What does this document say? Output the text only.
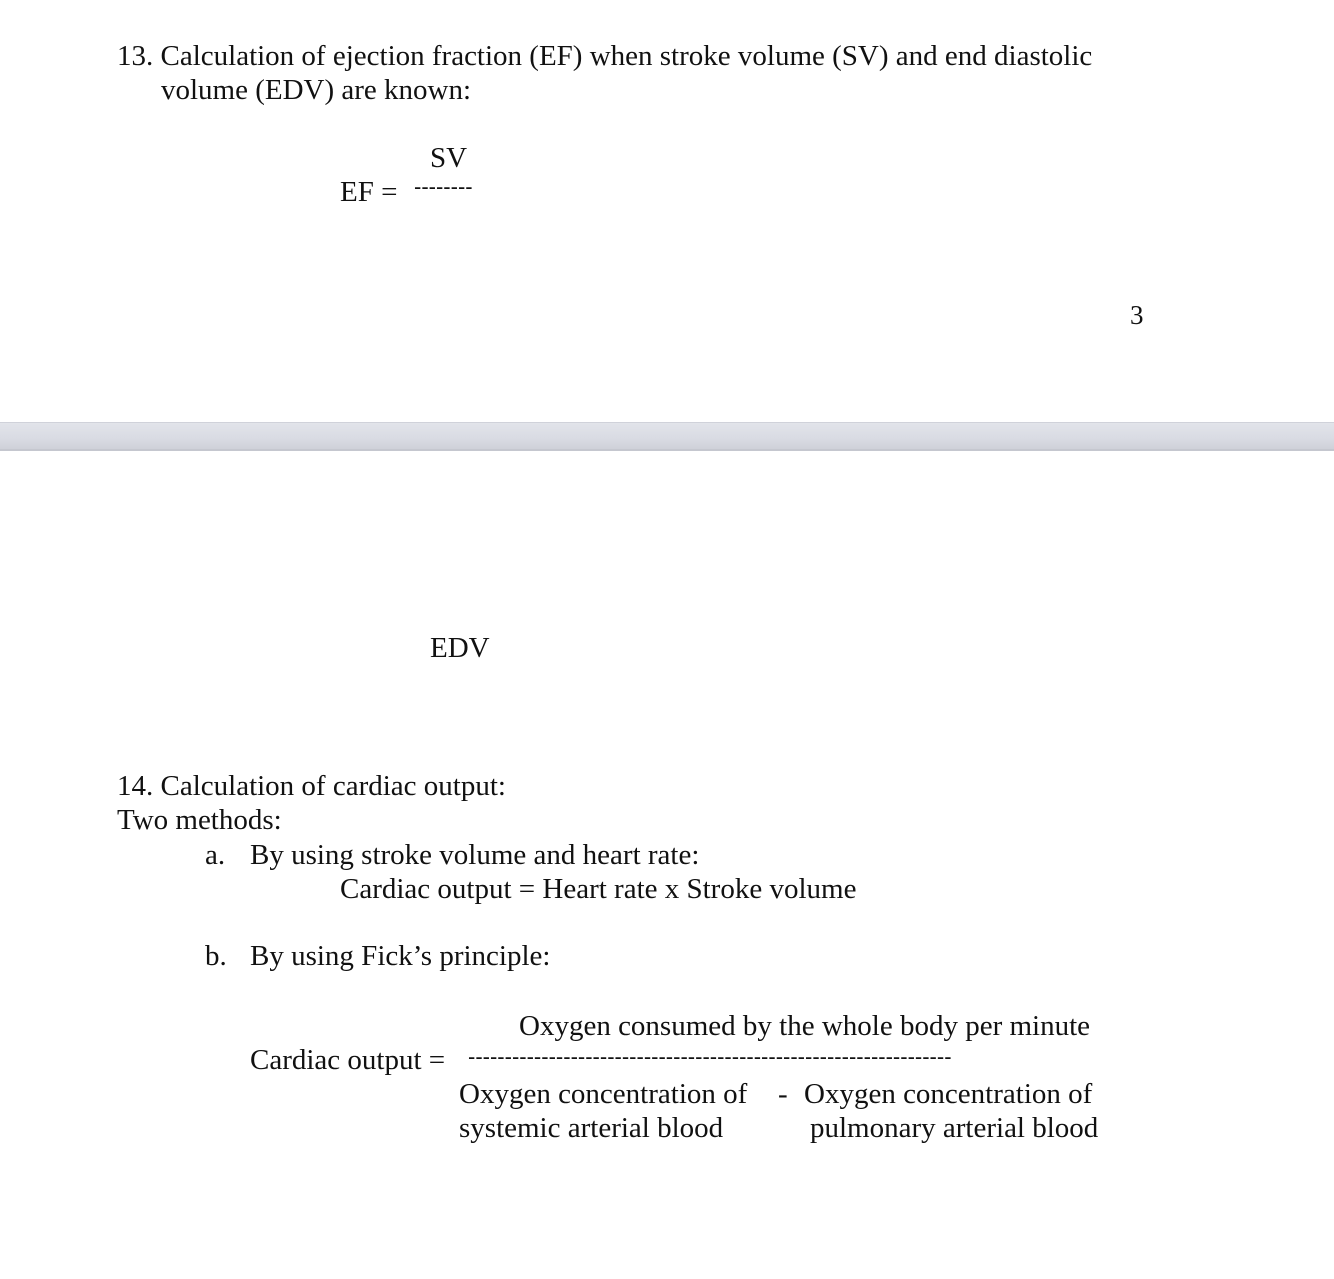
13. Calculation of ejection fraction (EF) when stroke volume (SV) and end diastolic
volume (EDV) are known:
SV
EF = --------
3
EDV
14. Calculation of cardiac output:
Two methods:
a. By using stroke volume and heart rate:
Cardiac output = Heart rate x Stroke volume
b. By using Fick’s principle:
Oxygen consumed by the whole body per minute
Cardiac output = ------------------------------------------------------------------
Oxygen concentration of
systemic arterial blood
- Oxygen concentration of
pulmonary arterial blood
